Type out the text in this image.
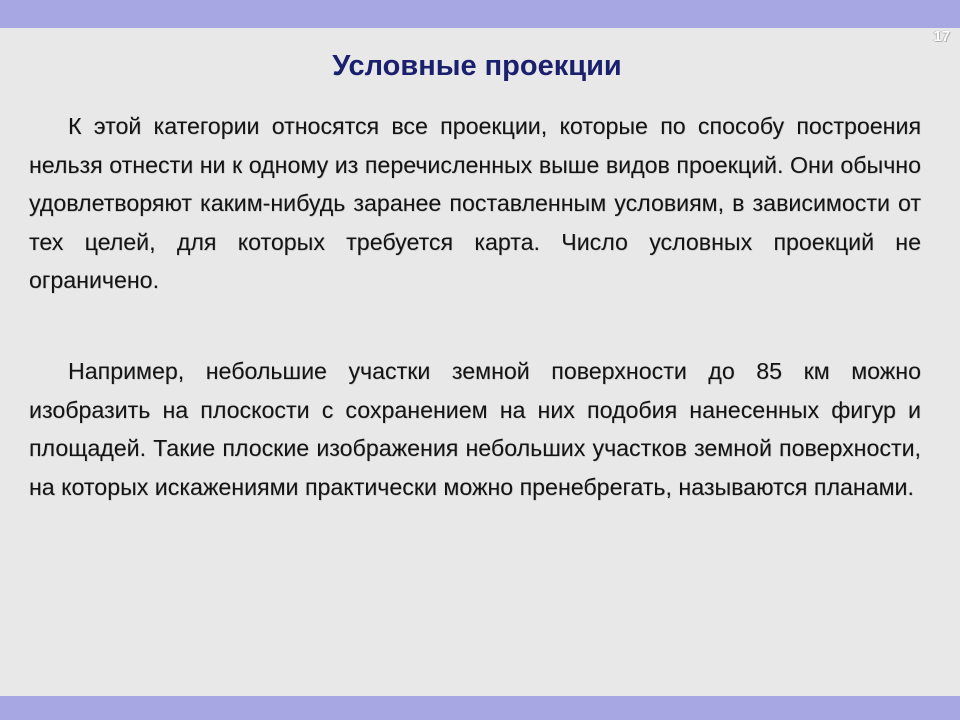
17
Условные проекции

К этой категории относятся все проекции, которые по способу построения нельзя отнести ни к одному из перечисленных выше видов проекций. Они обычно удовлетворяют каким-нибудь заранее поставленным условиям, в зависимости от тех целей, для которых требуется карта. Число условных проекций не ограничено.

Например, небольшие участки земной поверхности до 85 км можно изобразить на плоскости с сохранением на них подобия нанесенных фигур и площадей. Такие плоские изображения небольших участков земной поверхности, на которых искажениями практически можно пренебрегать, называются планами.
